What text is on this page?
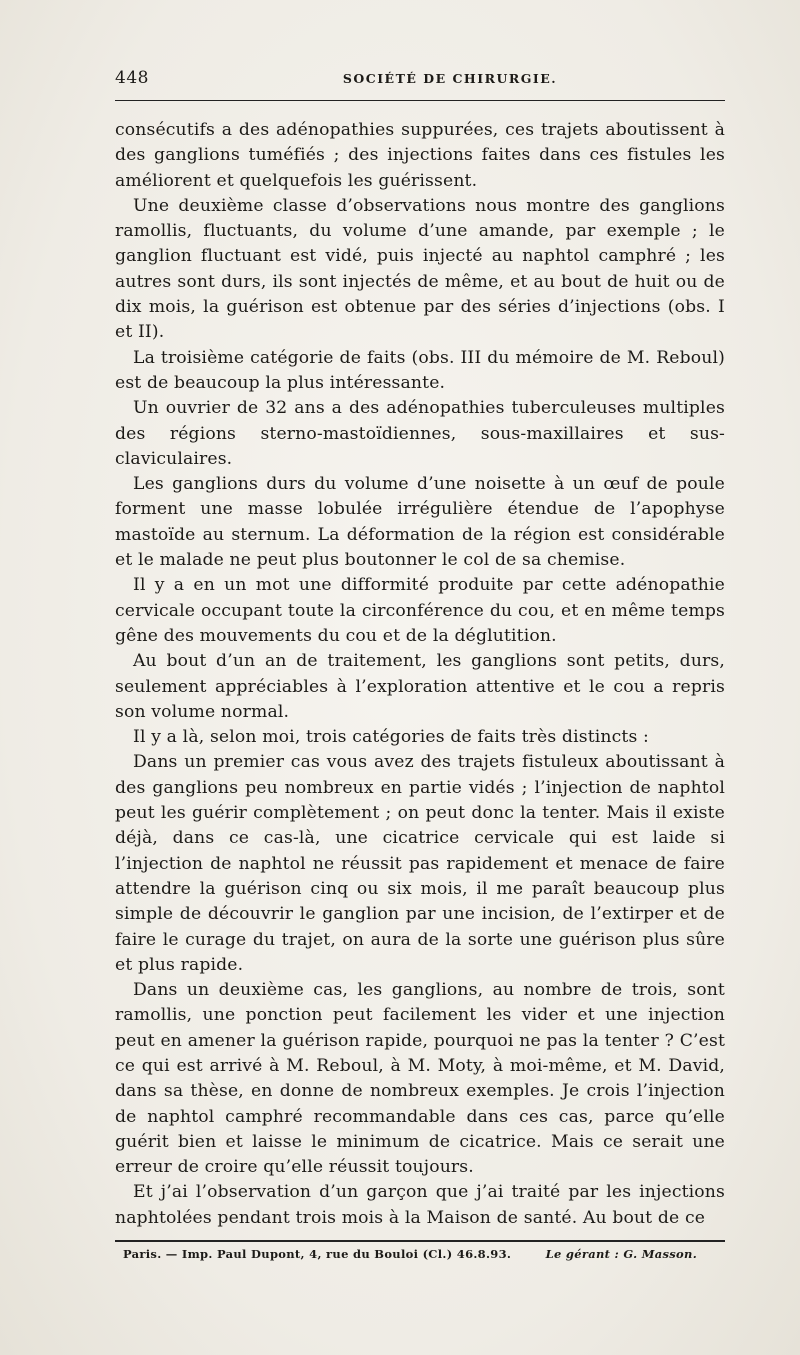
448	SOCIÉTÉ DE CHIRURGIE.

consécutifs a des adénopathies suppurées, ces trajets aboutissent à des ganglions tuméfiés ; des injections faites dans ces fistules les améliorent et quelquefois les guérissent.

Une deuxième classe d’observations nous montre des ganglions ramollis, fluctuants, du volume d’une amande, par exemple ; le ganglion fluctuant est vidé, puis injecté au naphtol camphré ; les autres sont durs, ils sont injectés de même, et au bout de huit ou de dix mois, la guérison est obtenue par des séries d’injections (obs. I et II).

La troisième catégorie de faits (obs. III du mémoire de M. Reboul) est de beaucoup la plus intéressante.

Un ouvrier de 32 ans a des adénopathies tuberculeuses multiples des régions sterno-mastoïdiennes, sous-maxillaires et sus-claviculaires.

Les ganglions durs du volume d’une noisette à un œuf de poule forment une masse lobulée irrégulière étendue de l’apophyse mastoïde au sternum. La déformation de la région est considérable et le malade ne peut plus boutonner le col de sa chemise.

Il y a en un mot une difformité produite par cette adénopathie cervicale occupant toute la circonférence du cou, et en même temps gêne des mouvements du cou et de la déglutition.

Au bout d’un an de traitement, les ganglions sont petits, durs, seulement appréciables à l’exploration attentive et le cou a repris son volume normal.

Il y a là, selon moi, trois catégories de faits très distincts :

Dans un premier cas vous avez des trajets fistuleux aboutissant à des ganglions peu nombreux en partie vidés ; l’injection de naphtol peut les guérir complètement ; on peut donc la tenter. Mais il existe déjà, dans ce cas-là, une cicatrice cervicale qui est laide si l’injection de naphtol ne réussit pas rapidement et menace de faire attendre la guérison cinq ou six mois, il me paraît beaucoup plus simple de découvrir le ganglion par une incision, de l’extirper et de faire le curage du trajet, on aura de la sorte une guérison plus sûre et plus rapide.

Dans un deuxième cas, les ganglions, au nombre de trois, sont ramollis, une ponction peut facilement les vider et une injection peut en amener la guérison rapide, pourquoi ne pas la tenter ? C’est ce qui est arrivé à M. Reboul, à M. Moty, à moi-même, et M. David, dans sa thèse, en donne de nombreux exemples. Je crois l’injection de naphtol camphré recommandable dans ces cas, parce qu’elle guérit bien et laisse le minimum de cicatrice. Mais ce serait une erreur de croire qu’elle réussit toujours.

Et j’ai l’observation d’un garçon que j’ai traité par les injections naphtolées pendant trois mois à la Maison de santé. Au bout de ce

Paris. — Imp. Paul Dupont, 4, rue du Bouloi (Cl.) 46.8.93.	Le gérant : G. Masson.
